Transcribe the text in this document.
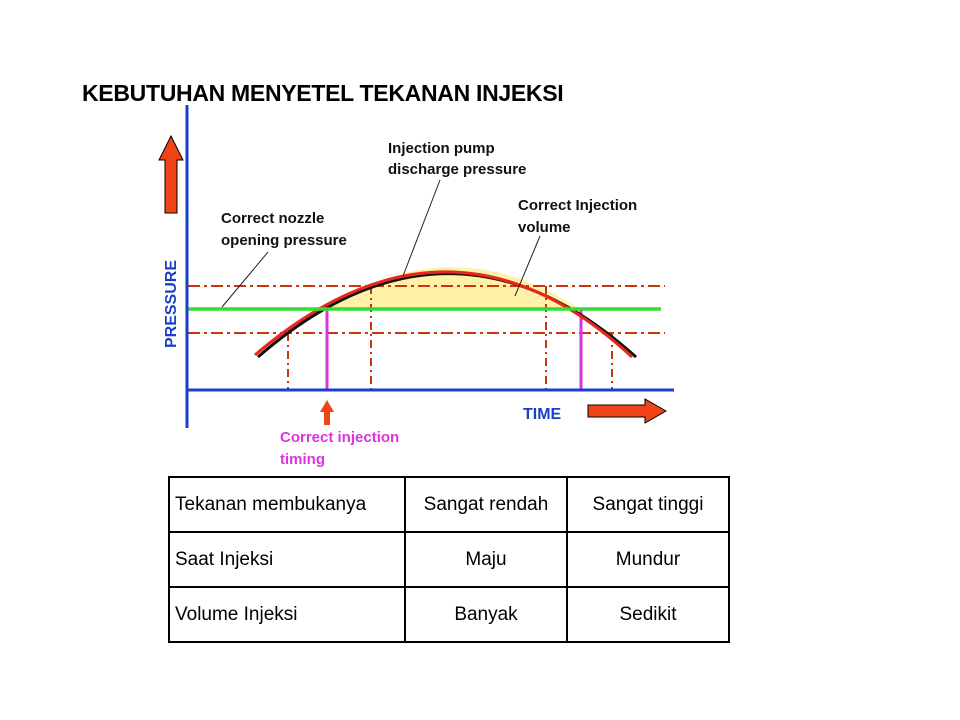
KEBUTUHAN MENYETEL TEKANAN INJEKSI
PRESSURE
TIME
Injection pump
discharge pressure
Correct Injection
volume
Correct nozzle
opening pressure
Correct injection
timing
Tekanan membukanya	Sangat rendah	Sangat tinggi
Saat Injeksi	Maju	Mundur
Volume Injeksi	Banyak	Sedikit
